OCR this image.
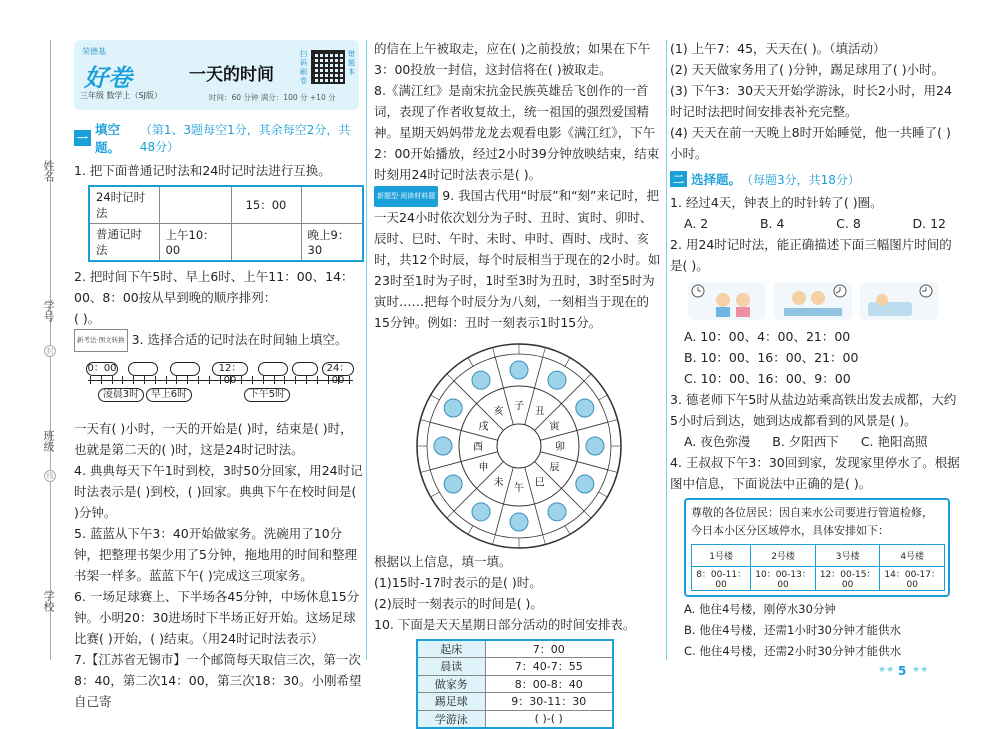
姓名
学号
班级
学校
封
线
荣德基
好卷
三年级 数学上（SJ版）
一天的时间
时间：60 分钟 满分：100 分 +10 分
扫码刷卷
错题本
一
填空题。
（第1、3题每空1分，其余每空2分，共48分）

1. 把下面普通记时法和24时记时法进行互换。

24时记时法		15：00	
普通记时法	上午10：00		晚上9：30

2. 把时间下午5时、早上6时、上午11：00、14：00、8：00按从早到晚的顺序排列：

( )。

新考法·图文转换 3. 选择合适的记时法在时间轴上填空。

0：00	12：00
24：00
凌晨3时	早上6时	下午5时

一天有( )小时，一天的开始是( )时，结束是( )时，也就是第二天的( )时，这是24时记时法。

4. 典典每天下午1时到校，3时50分回家，用24时记时法表示是( )到校，( )回家。典典下午在校时间是( )分钟。

5. 蓝蓝从下午3：40开始做家务。洗碗用了10分钟，把整理书架少用了5分钟，拖地用的时间和整理书架一样多。蓝蓝下午( )完成这三项家务。

6. 一场足球赛上、下半场各45分钟，中场休息15分钟。小明20：30进场时下半场正好开始。这场足球比赛( )开始，( )结束。（用24时记时法表示）

7.【江苏省无锡市】一个邮筒每天取信三次，第一次8：40，第二次14：00，第三次18：30。小刚希望自己寄

的信在上午被取走，应在( )之前投放；如果在下午3：00投放一封信，这封信将在( )被取走。

8.《满江红》是南宋抗金民族英雄岳飞创作的一首词，表现了作者收复故土，统一祖国的强烈爱国精神。星期天妈妈带龙龙去观看电影《满江红》，下午2：00开始播放，经过2小时39分钟放映结束，结束时刻用24时记时法表示是( )。

新题型·阅读材料题 9. 我国古代用“时辰”和“刻”来记时，把一天24小时依次划分为子时、丑时、寅时、卯时、辰时、巳时、午时、未时、申时、酉时、戌时、亥时，共12个时辰，每个时辰相当于现在的2小时。如23时至1时为子时，1时至3时为丑时，3时至5时为寅时……把每个时辰分为八刻，一刻相当于现在的15分钟。例如：丑时一刻表示1时15分。

子 丑
寅
卯
辰
巳
午
未
申
酉
戌
亥

根据以上信息，填一填。

(1)15时-17时表示的是( )时。

(2)辰时一刻表示的时间是( )。

10. 下面是天天星期日部分活动的时间安排表。

起床	7：00
晨读	7：40-7：55
做家务	8：00-8：40
踢足球	9：30-11：30
学游泳	( )-( )

(1) 上午7：45，天天在( )。（填活动）

(2) 天天做家务用了( )分钟，踢足球用了( )小时。

(3) 下午3：30天天开始学游泳，时长2小时，用24时记时法把时间安排表补充完整。

(4) 天天在前一天晚上8时开始睡觉，他一共睡了( )小时。

二 选择题。 （每题3分，共18分）

1. 经过4天，钟表上的时针转了( )圈。

A. 2	B. 4	C. 8	D. 12

2. 用24时记时法，能正确描述下面三幅图片时间的是( )。

A. 10：00、4：00、21：00
B. 10：00、16：00、21：00
C. 10：00、16：00、9：00

3. 德老师下午5时从盐边站乘高铁出发去成都，大约5小时后到达，她到达成都看到的风景是( )。

A. 夜色弥漫 B. 夕阳西下 C. 艳阳高照

4. 王叔叔下午3：30回到家，发现家里停水了。根据图中信息，下面说法中正确的是( )。

尊敬的各位居民：因自来水公司要进行管道检修，今日本小区分区域停水，具体安排如下：
1号楼	2号楼	3号楼	4号楼
8：00-11：00	10：00-13：00	12：00-15：00	14：00-17：00
A. 他住4号楼，刚停水30分钟
B. 他住4号楼，还需1小时30分钟才能供水
C. 他住4号楼，还需2小时30分钟才能供水
★★ 5 ★★
